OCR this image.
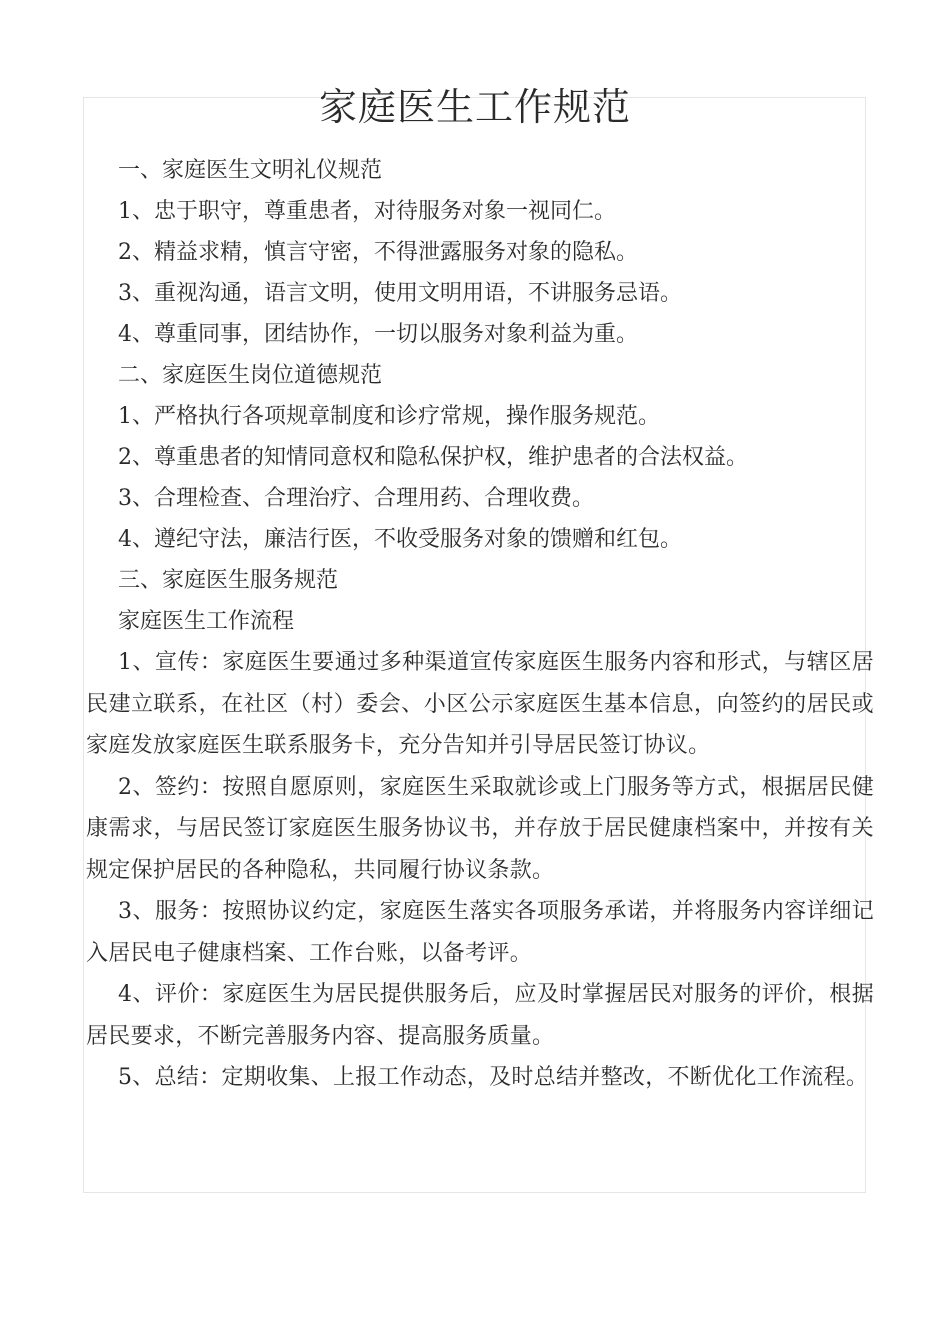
家庭医生工作规范

一、家庭医生文明礼仪规范

1、忠于职守，尊重患者，对待服务对象一视同仁。

2、精益求精，慎言守密，不得泄露服务对象的隐私。

3、重视沟通，语言文明，使用文明用语，不讲服务忌语。

4、尊重同事，团结协作，一切以服务对象利益为重。

二、家庭医生岗位道德规范

1、严格执行各项规章制度和诊疗常规，操作服务规范。

2、尊重患者的知情同意权和隐私保护权，维护患者的合法权益。

3、合理检查、合理治疗、合理用药、合理收费。

4、遵纪守法，廉洁行医，不收受服务对象的馈赠和红包。

三、家庭医生服务规范

家庭医生工作流程

1、宣传：家庭医生要通过多种渠道宣传家庭医生服务内容和形式，与辖区居民建立联系，在社区（村）委会、小区公示家庭医生基本信息，向签约的居民或家庭发放家庭医生联系服务卡，充分告知并引导居民签订协议。

2、签约：按照自愿原则，家庭医生采取就诊或上门服务等方式，根据居民健康需求，与居民签订家庭医生服务协议书，并存放于居民健康档案中，并按有关规定保护居民的各种隐私，共同履行协议条款。

3、服务：按照协议约定，家庭医生落实各项服务承诺，并将服务内容详细记入居民电子健康档案、工作台账，以备考评。

4、评价：家庭医生为居民提供服务后，应及时掌握居民对服务的评价，根据居民要求，不断完善服务内容、提高服务质量。

5、总结：定期收集、上报工作动态，及时总结并整改，不断优化工作流程。
